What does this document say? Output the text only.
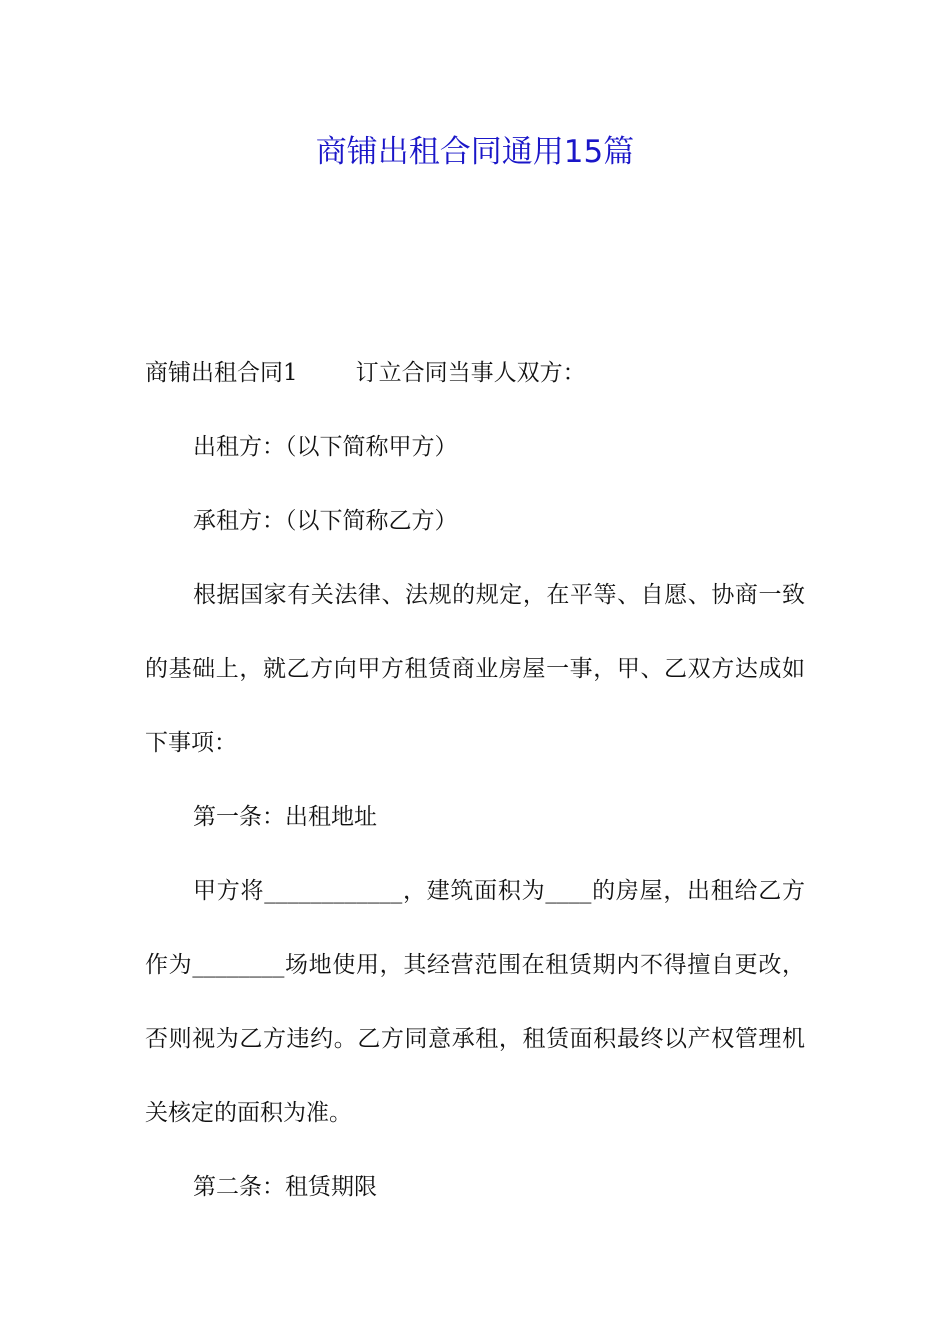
商铺出租合同通用15篇

商铺出租合同1	订立合同当事人双方：

出租方：（以下简称甲方）

承租方：（以下简称乙方）

根据国家有关法律、法规的规定，在平等、自愿、协商一致的基础上，就乙方向甲方租赁商业房屋一事，甲、乙双方达成如下事项：

第一条：出租地址

甲方将____________，建筑面积为____的房屋，出租给乙方作为________场地使用，其经营范围在租赁期内不得擅自更改，否则视为乙方违约。乙方同意承租，租赁面积最终以产权管理机关核定的面积为准。

第二条：租赁期限
